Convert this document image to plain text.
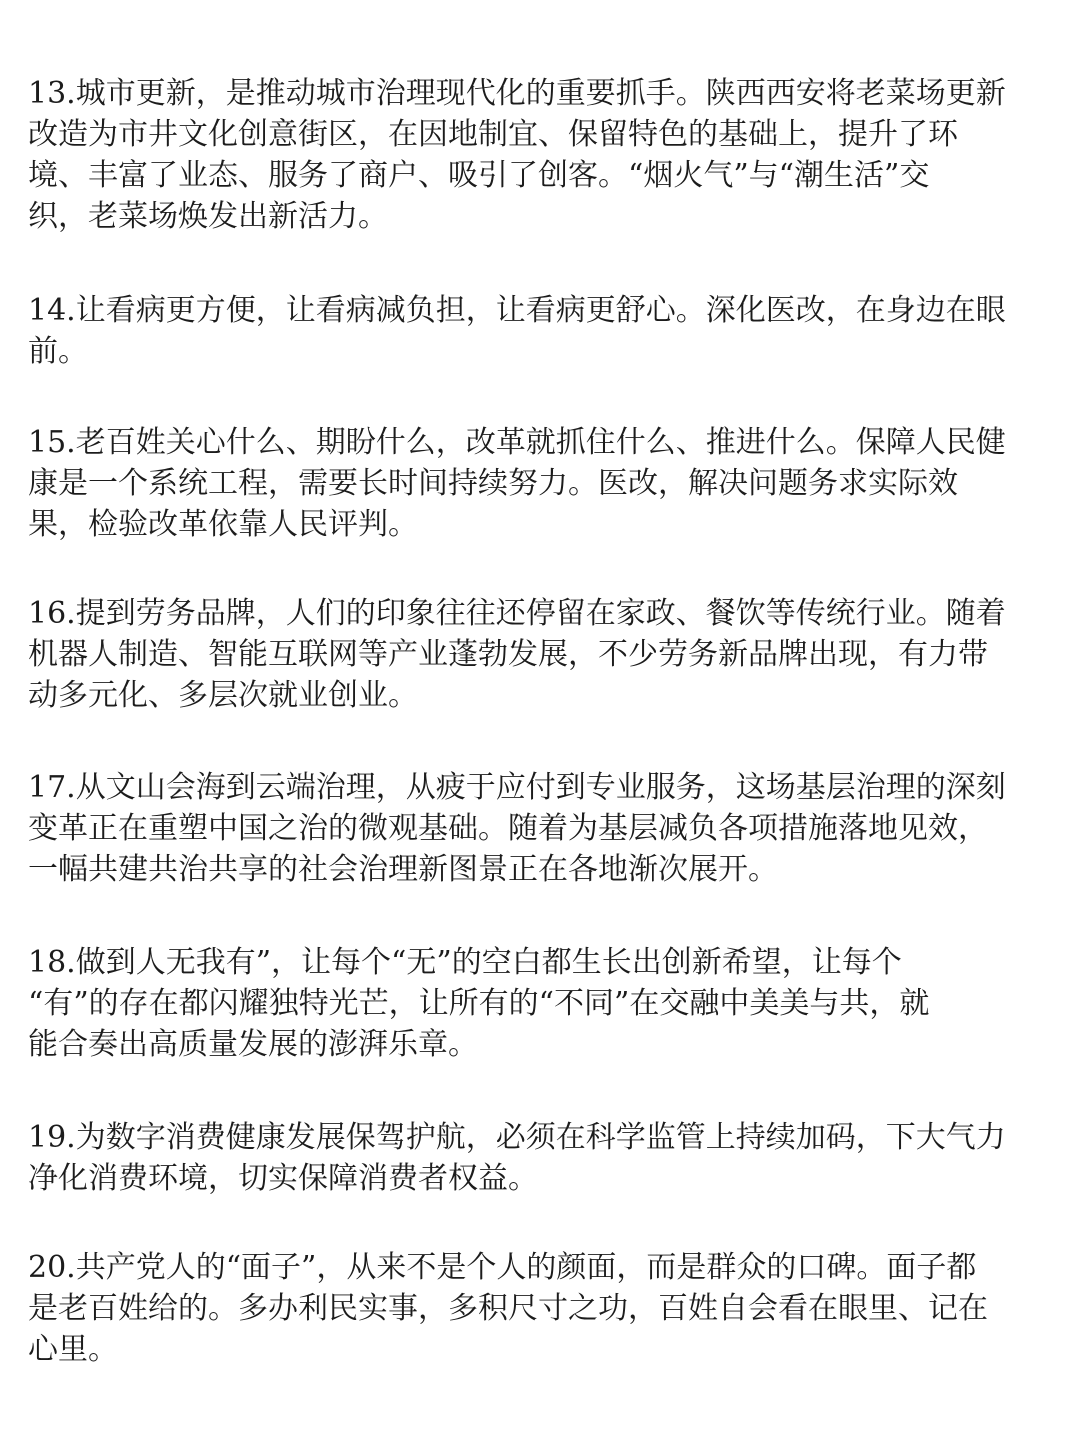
13.城市更新，是推动城市治理现代化的重要抓手。陕西西安将老菜场更新
改造为市井文化创意街区，在因地制宜、保留特色的基础上，提升了环
境、丰富了业态、服务了商户、吸引了创客。“烟火气”与“潮生活”交
织，老菜场焕发出新活力。
14.让看病更方便，让看病减负担，让看病更舒心。深化医改，在身边在眼
前。
15.老百姓关心什么、期盼什么，改革就抓住什么、推进什么。保障人民健
康是一个系统工程，需要长时间持续努力。医改，解决问题务求实际效
果，检验改革依靠人民评判。
16.提到劳务品牌，人们的印象往往还停留在家政、餐饮等传统行业。随着
机器人制造、智能互联网等产业蓬勃发展，不少劳务新品牌出现，有力带
动多元化、多层次就业创业。
17.从文山会海到云端治理，从疲于应付到专业服务，这场基层治理的深刻
变革正在重塑中国之治的微观基础。随着为基层减负各项措施落地见效，
一幅共建共治共享的社会治理新图景正在各地渐次展开。
18.做到人无我有”，让每个“无”的空白都生长出创新希望，让每个
“有”的存在都闪耀独特光芒，让所有的“不同”在交融中美美与共，就
能合奏出高质量发展的澎湃乐章。
19.为数字消费健康发展保驾护航，必须在科学监管上持续加码，下大气力
净化消费环境，切实保障消费者权益。
20.共产党人的“面子”，从来不是个人的颜面，而是群众的口碑。面子都
是老百姓给的。多办利民实事，多积尺寸之功，百姓自会看在眼里、记在
心里。
